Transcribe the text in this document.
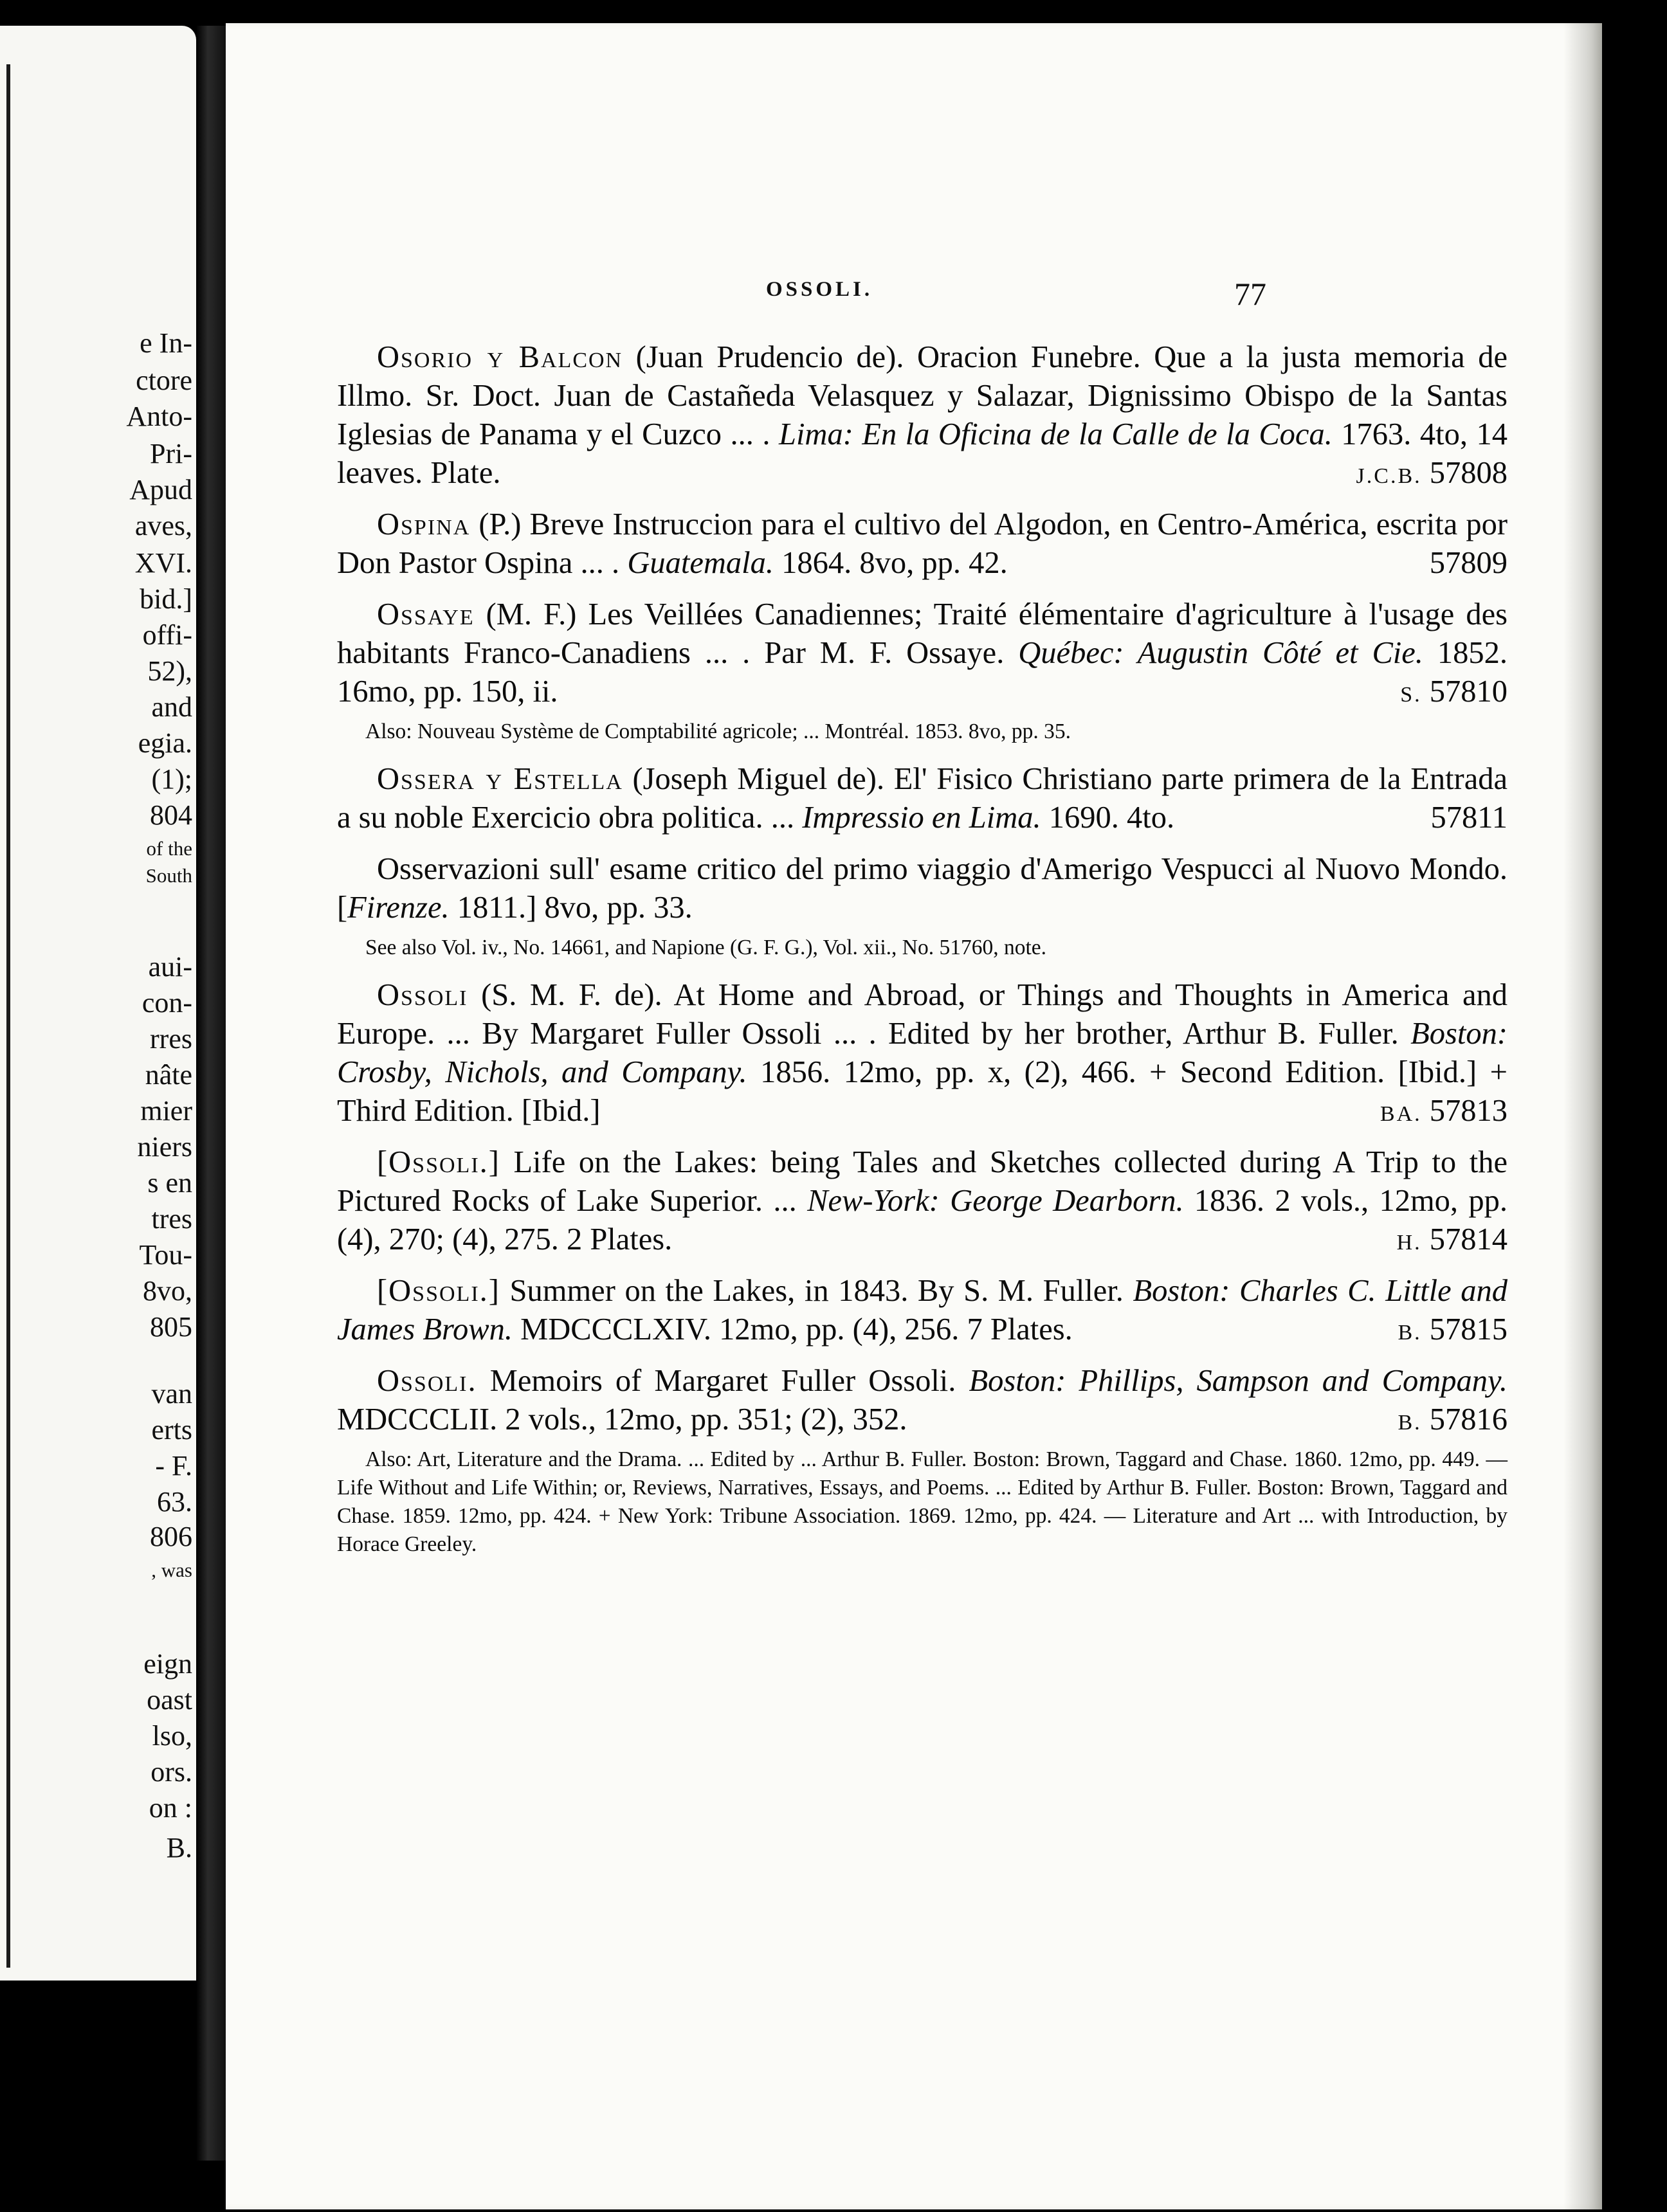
e In-

ctore

Anto-

Pri-

Apud

aves,

XVI.

bid.]

offi-

52),

and

egia.

(1);

804

of the

South

aui-

con-

rres

nâte

mier

niers

s en

tres

Tou-

8vo,

805

van

erts

- F.

63.

806

, was

eign

oast

lso,

ors.

on :

B.

OSSOLI.	77

Osorio y Balcon (Juan Prudencio de). Oracion Funebre. Que a la justa memoria de Illmo. Sr. Doct. Juan de Castañeda Velasquez y Salazar, Dignissimo Obispo de la Santas Iglesias de Panama y el Cuzco ... . Lima: En la Oficina de la Calle de la Coca. 1763. 4to, 14 leaves. Plate.	J.C.B. 57808

Ospina (P.) Breve Instruccion para el cultivo del Algodon, en Centro-América, escrita por Don Pastor Ospina ... . Guatemala. 1864. 8vo, pp. 42.	57809

Ossaye (M. F.) Les Veillées Canadiennes; Traité élémentaire d'agriculture à l'usage des habitants Franco-Canadiens ... . Par M. F. Ossaye. Québec: Augustin Côté et Cie. 1852. 16mo, pp. 150, ii.	S. 57810

Also: Nouveau Système de Comptabilité agricole; ... Montréal. 1853. 8vo, pp. 35.

Ossera y Estella (Joseph Miguel de). El' Fisico Christiano parte primera de la Entrada a su noble Exercicio obra politica. ... Impressio en Lima. 1690. 4to.	57811

Osservazioni sull' esame critico del primo viaggio d'Amerigo Vespucci al Nuovo Mondo. [Firenze. 1811.] 8vo, pp. 33.

See also Vol. iv., No. 14661, and Napione (G. F. G.), Vol. xii., No. 51760, note.

Ossoli (S. M. F. de). At Home and Abroad, or Things and Thoughts in America and Europe. ... By Margaret Fuller Ossoli ... . Edited by her brother, Arthur B. Fuller. Boston: Crosby, Nichols, and Company. 1856. 12mo, pp. x, (2), 466. + Second Edition. [Ibid.] + Third Edition. [Ibid.]	BA. 57813

[Ossoli.] Life on the Lakes: being Tales and Sketches collected during A Trip to the Pictured Rocks of Lake Superior. ... New-York: George Dearborn. 1836. 2 vols., 12mo, pp. (4), 270; (4), 275. 2 Plates.	H. 57814

[Ossoli.] Summer on the Lakes, in 1843. By S. M. Fuller. Boston: Charles C. Little and James Brown. MDCCCLXIV. 12mo, pp. (4), 256. 7 Plates.	B. 57815

Ossoli. Memoirs of Margaret Fuller Ossoli. Boston: Phillips, Sampson and Company. MDCCCLII. 2 vols., 12mo, pp. 351; (2), 352.	B. 57816

Also: Art, Literature and the Drama. ... Edited by ... Arthur B. Fuller. Boston: Brown, Taggard and Chase. 1860. 12mo, pp. 449. — Life Without and Life Within; or, Reviews, Narratives, Essays, and Poems. ... Edited by Arthur B. Fuller. Boston: Brown, Taggard and Chase. 1859. 12mo, pp. 424. + New York: Tribune Association. 1869. 12mo, pp. 424. — Literature and Art ... with Introduction, by Horace Greeley.
